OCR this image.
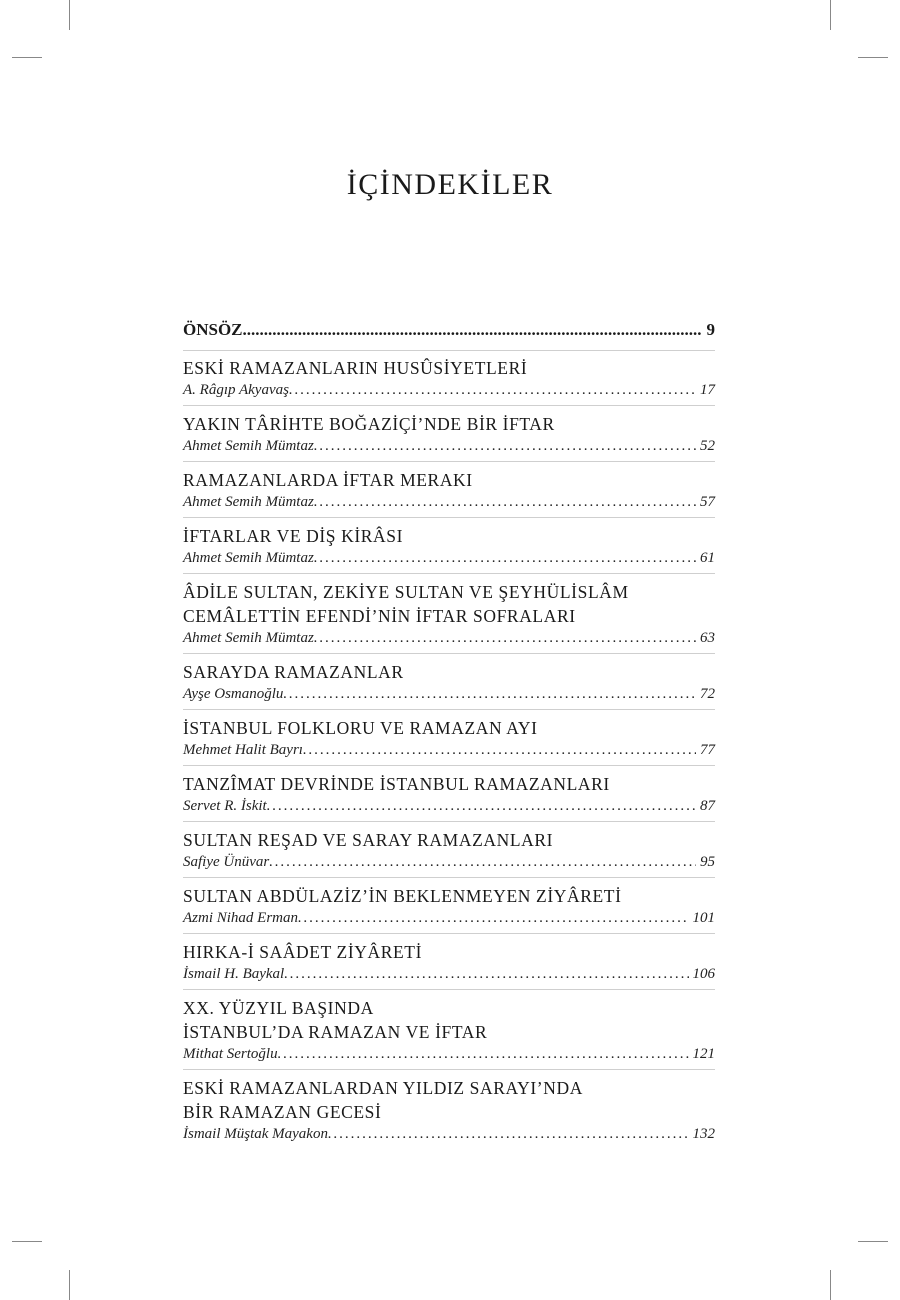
İÇİNDEKİLER
ÖNSÖZ .....	9
ESKİ RAMAZANLARIN HUSÛSİYETLERİ
A. Râgıp Akyavaş .....	17
YAKIN TÂRİHTE BOĞAZİÇİ’NDE BİR İFTAR
Ahmet Semih Mümtaz .....	52
RAMAZANLARDA İFTAR MERAKI
Ahmet Semih Mümtaz .....	57
İFTARLAR VE DİŞ KİRÂSI
Ahmet Semih Mümtaz .....	61
ÂDİLE SULTAN, ZEKİYE SULTAN VE ŞEYHÜLİSLÂM
CEMÂLETTİN EFENDİ’NİN İFTAR SOFRALARI
Ahmet Semih Mümtaz .....	63
SARAYDA RAMAZANLAR
Ayşe Osmanoğlu .....	72
İSTANBUL FOLKLORU VE RAMAZAN AYI
Mehmet Halit Bayrı .....	77
TANZÎMAT DEVRİNDE İSTANBUL RAMAZANLARI
Servet R. İskit .....	87
SULTAN REŞAD VE SARAY RAMAZANLARI
Safiye Ünüvar .....	95
SULTAN ABDÜLAZİZ’İN BEKLENMEYEN ZİYÂRETİ
Azmi Nihad Erman .....	101
HIRKA-İ SAÂDET ZİYÂRETİ
İsmail H. Baykal .....	106
XX. YÜZYIL BAŞINDA
İSTANBUL’DA RAMAZAN VE İFTAR
Mithat Sertoğlu .....	121
ESKİ RAMAZANLARDAN YILDIZ SARAYI’NDA
BİR RAMAZAN GECESİ
İsmail Müştak Mayakon .....	132
